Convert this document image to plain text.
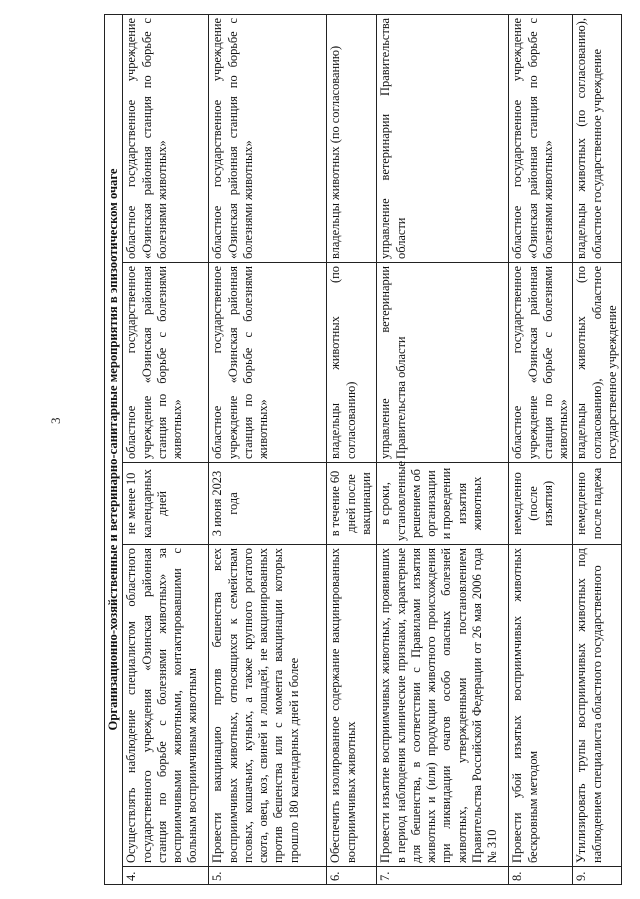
3	Организационно-хозяйственные и ветеринарно-санитарные мероприятия в эпизоотическом очаге				
4.	Осуществлять наблюдение специалистом областного государственного учреждения «Озинская районная станция по борьбе с болезнями животных» за восприимчивыми животными, контактировавшими с больным восприимчивым животным	не менее 10 календарных дней	областное государственное учреждение «Озинская районная станция по борьбе с болезнями животных»	областное государственное учреждение «Озинская районная станция по борьбе с болезнями животных»
5.	Провести вакцинацию против бешенства всех восприимчивых животных, относящихся к семействам псовых, кошачьих, куньих, а также крупного рогатого скота, овец, коз, свиней и лошадей, не вакцинированных против бешенства или с момента вакцинации которых прошло 180 календарных дней и более	3 июня 2023 года	областное государственное учреждение «Озинская районная станция по борьбе с болезнями животных»	областное государственное учреждение «Озинская районная станция по борьбе с болезнями животных»
6.	Обеспечить изолированное содержание вакцинированных восприимчивых животных	в течение 60 дней после вакцинации	владельцы животных (по согласованию)	владельцы животных (по согласованию)
7.	Провести изъятие восприимчивых животных, проявивших в период наблюдения клинические признаки, характерные для бешенства, в соответствии с Правилами изъятия животных и (или) продукции животного происхождения при ликвидации очагов особо опасных болезней животных, утвержденными постановлением Правительства Российской Федерации от 26 мая 2006 года № 310	в сроки, установленные решением об организации и проведении изъятия животных	управление ветеринарии Правительства области	управление ветеринарии Правительства области
8.	Провести убой изъятых восприимчивых животных бескровным методом	немедленно (после изъятия)	областное государственное учреждение «Озинская районная станция по борьбе с болезнями животных»	областное государственное учреждение «Озинская районная станция по борьбе с болезнями животных»
9.	Утилизировать трупы восприимчивых животных под наблюдением специалиста областного государственного	немедленно после падежа	владельцы животных (по согласованию), областное государственное учреждение	владельцы животных (по согласованию), областное государственное учреждение
